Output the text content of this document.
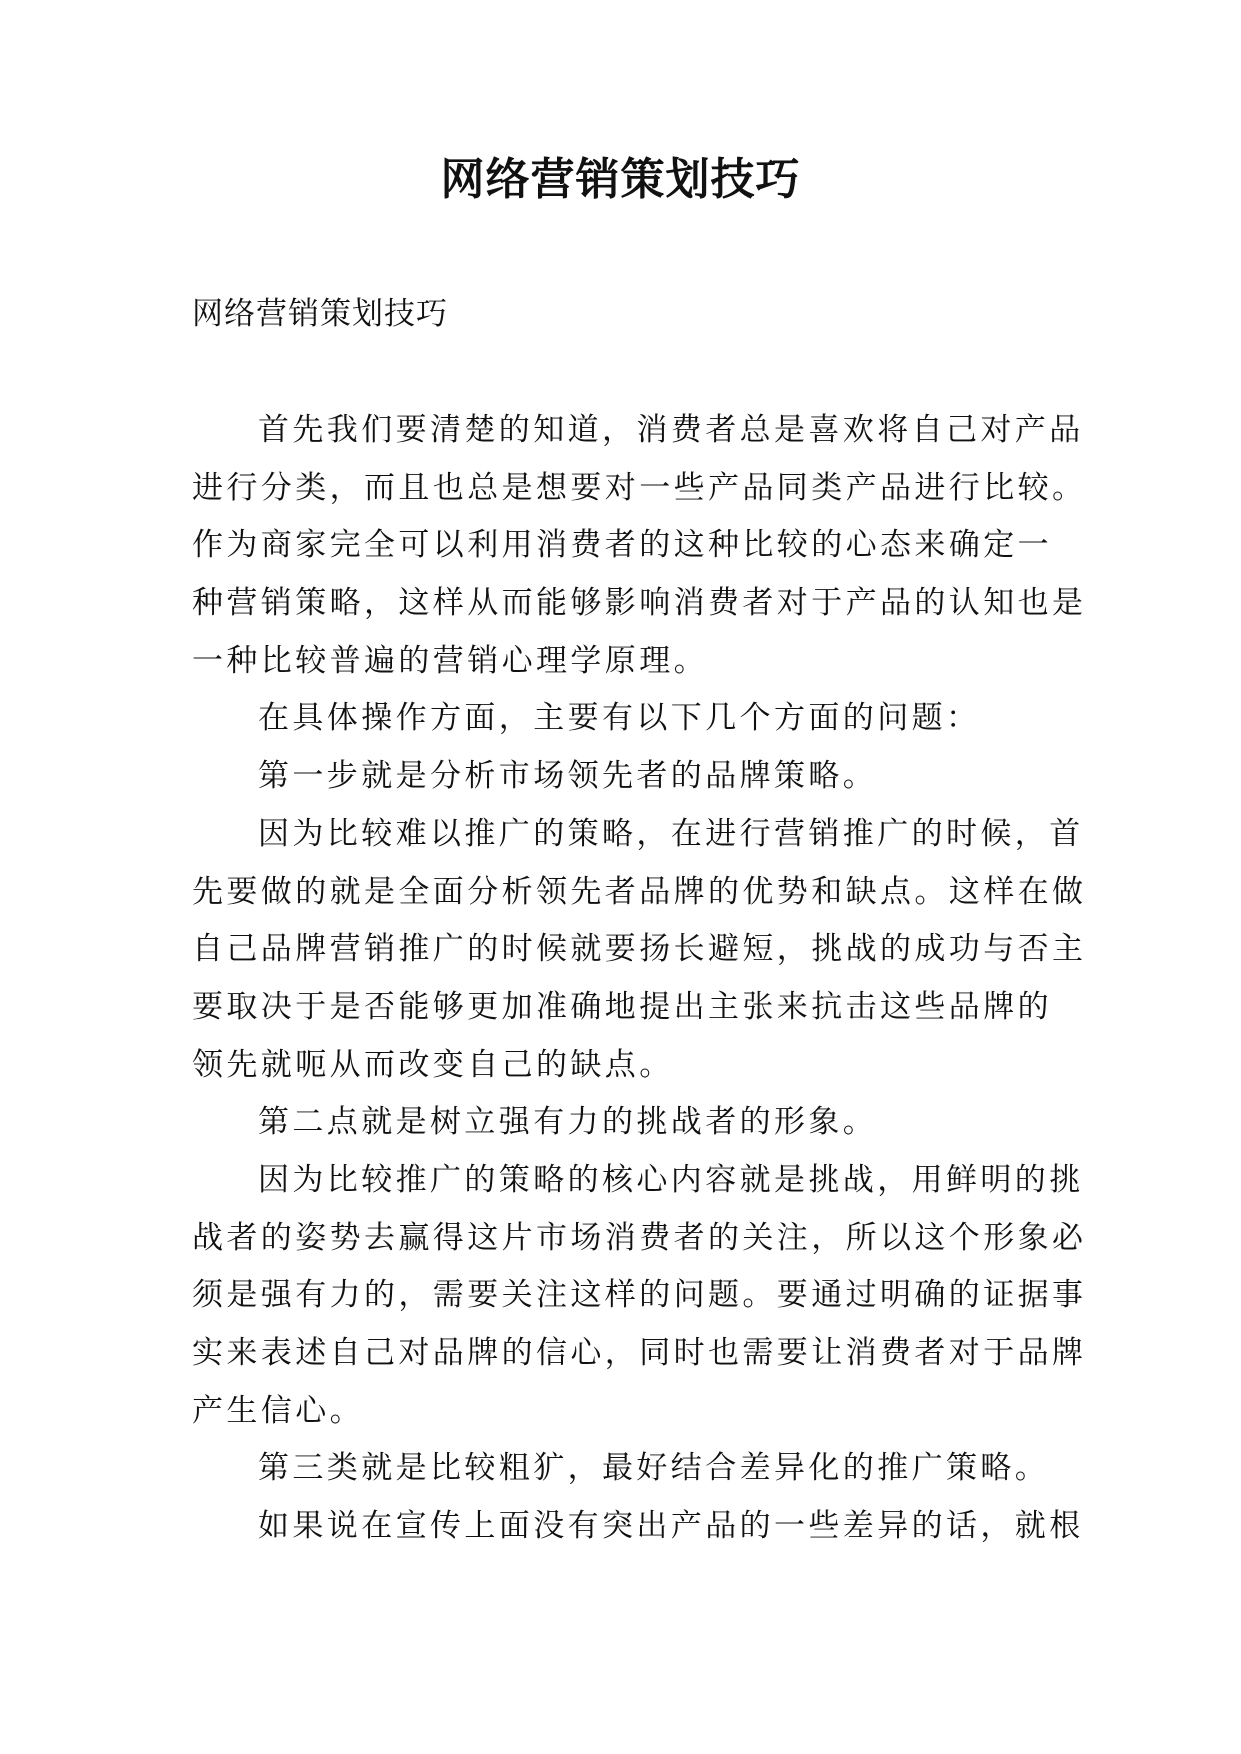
网络营销策划技巧
网络营销策划技巧
首先我们要清楚的知道，消费者总是喜欢将自己对产品
进行分类，而且也总是想要对一些产品同类产品进行比较。
作为商家完全可以利用消费者的这种比较的心态来确定一
种营销策略，这样从而能够影响消费者对于产品的认知也是
一种比较普遍的营销心理学原理。
在具体操作方面，主要有以下几个方面的问题：
第一步就是分析市场领先者的品牌策略。
因为比较难以推广的策略，在进行营销推广的时候，首
先要做的就是全面分析领先者品牌的优势和缺点。这样在做
自己品牌营销推广的时候就要扬长避短，挑战的成功与否主
要取决于是否能够更加准确地提出主张来抗击这些品牌的
领先就呃从而改变自己的缺点。
第二点就是树立强有力的挑战者的形象。
因为比较推广的策略的核心内容就是挑战，用鲜明的挑
战者的姿势去赢得这片市场消费者的关注，所以这个形象必
须是强有力的，需要关注这样的问题。要通过明确的证据事
实来表述自己对品牌的信心，同时也需要让消费者对于品牌
产生信心。
第三类就是比较粗犷，最好结合差异化的推广策略。
如果说在宣传上面没有突出产品的一些差异的话，就根
